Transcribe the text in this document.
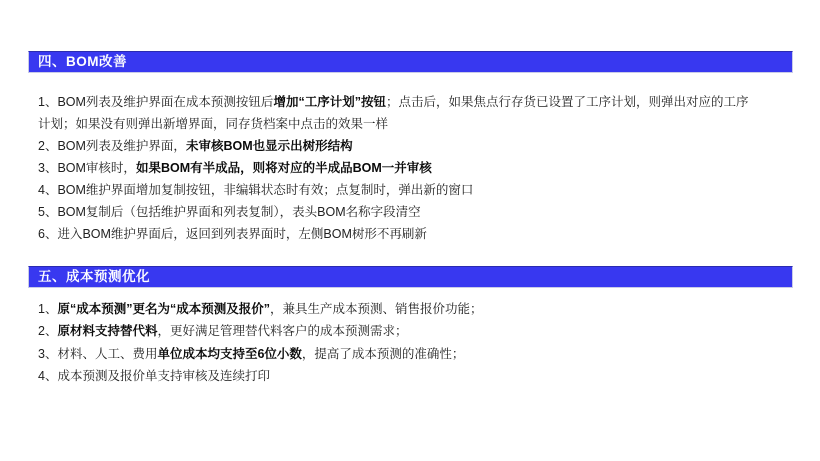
四、BOM改善
1、BOM列表及维护界面在成本预测按钮后增加“工序计划”按钮；点击后，如果焦点行存货已设置了工序计划，则弹出对应的工序
计划；如果没有则弹出新增界面，同存货档案中点击的效果一样
2、BOM列表及维护界面，未审核BOM也显示出树形结构
3、BOM审核时，如果BOM有半成品，则将对应的半成品BOM一并审核
4、BOM维护界面增加复制按钮，非编辑状态时有效；点复制时，弹出新的窗口
5、BOM复制后（包括维护界面和列表复制），表头BOM名称字段清空
6、进入BOM维护界面后，返回到列表界面时，左侧BOM树形不再刷新
五、成本预测优化
1、原“成本预测”更名为“成本预测及报价”，兼具生产成本预测、销售报价功能；
2、原材料支持替代料，更好满足管理替代料客户的成本预测需求；
3、材料、人工、费用单位成本均支持至6位小数，提高了成本预测的准确性；
4、成本预测及报价单支持审核及连续打印
